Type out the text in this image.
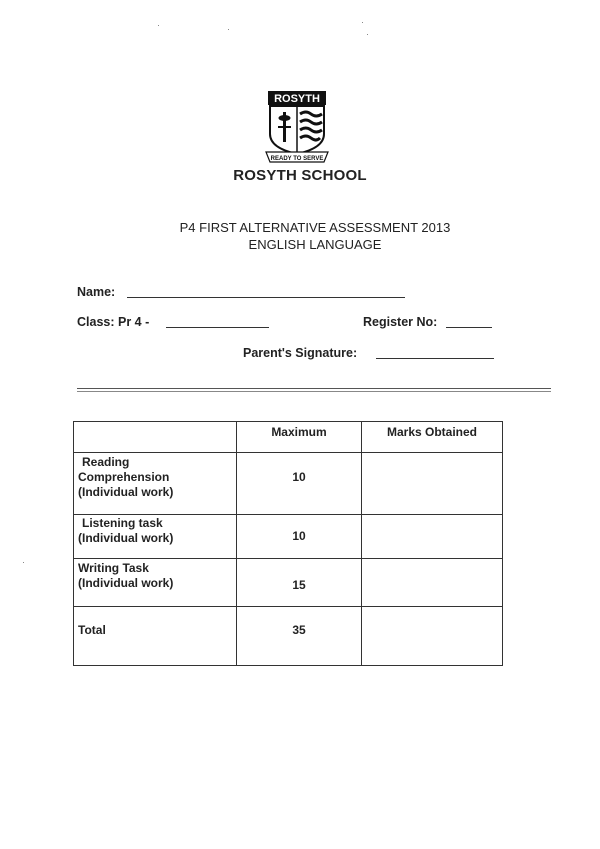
ROSYTH
READY TO SERVE
ROSYTH SCHOOL
P4 FIRST ALTERNATIVE ASSESSMENT 2013
ENGLISH LANGUAGE
Name:
Class: Pr 4 -	Register No:
Parent's Signature:

	Maximum	Marks Obtained

Reading
Comprehension
(Individual work)	10	

Listening task
(Individual work)	10	

Writing Task
(Individual work)	15	

Total	35	
